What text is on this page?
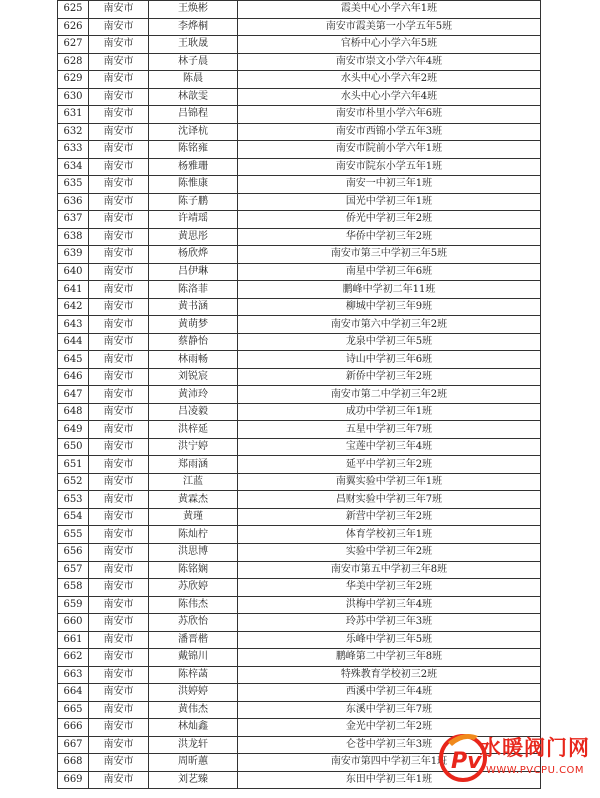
625	南安市	王焕彬	霞美中心小学六年1班
626	南安市	李烨桐	南安市霞美第一小学五年5班
627	南安市	王耿晟	官桥中心小学六年5班
628	南安市	林子晨	南安市崇文小学六年4班
629	南安市	陈晨	水头中心小学六年2班
630	南安市	林歆雯	水头中心小学六年4班
631	南安市	吕锦程	南安市朴里小学六年6班
632	南安市	沈译杭	南安市西锦小学五年3班
633	南安市	陈铭雍	南安市院前小学六年1班
634	南安市	杨雅珊	南安市院东小学五年1班
635	南安市	陈惟康	南安一中初三年1班
636	南安市	陈子鹏	国光中学初三年1班
637	南安市	许靖瑶	侨光中学初三年2班
638	南安市	黄思彤	华侨中学初三年2班
639	南安市	杨欣烨	南安市第三中学初三年5班
640	南安市	吕伊琳	南星中学初三年6班
641	南安市	陈洛菲	鹏峰中学初二年11班
642	南安市	黄书涵	柳城中学初三年9班
643	南安市	黄萌梦	南安市第六中学初三年2班
644	南安市	蔡静怡	龙泉中学初三年5班
645	南安市	林雨畅	诗山中学初三年6班
646	南安市	刘锐宸	新侨中学初三年2班
647	南安市	黄沛玲	南安市第二中学初三年2班
648	南安市	吕凌毅	成功中学初三年1班
649	南安市	洪梓延	五星中学初三年7班
650	南安市	洪宁婷	宝莲中学初三年4班
651	南安市	郑雨涵	延平中学初三年2班
652	南安市	江蓝	南翼实验中学初三年1班
653	南安市	黄霖杰	昌财实验中学初三年7班
654	南安市	黄瑾	新营中学初三年2班
655	南安市	陈灿柠	体育学校初三年1班
656	南安市	洪思博	实验中学初三年2班
657	南安市	陈铭娴	南安市第五中学初三年8班
658	南安市	苏欣婷	华美中学初三年2班
659	南安市	陈伟杰	洪梅中学初三年4班
660	南安市	苏欣怡	玲苏中学初三年3班
661	南安市	潘晋楷	乐峰中学初三年5班
662	南安市	戴锦川	鹏峰第二中学初三年8班
663	南安市	陈梓菡	特殊教育学校初三2班
664	南安市	洪婷婷	西溪中学初三年4班
665	南安市	黄伟杰	东溪中学初三年7班
666	南安市	林灿鑫	金光中学初二年2班
667	南安市	洪龙轩	仑苍中学初三年3班
668	南安市	周昕蕙	南安市第四中学初三年1班
669	南安市	刘艺臻	东田中学初三年1班
Pv
水暖阀门网
WWW.PVCPU.COM
